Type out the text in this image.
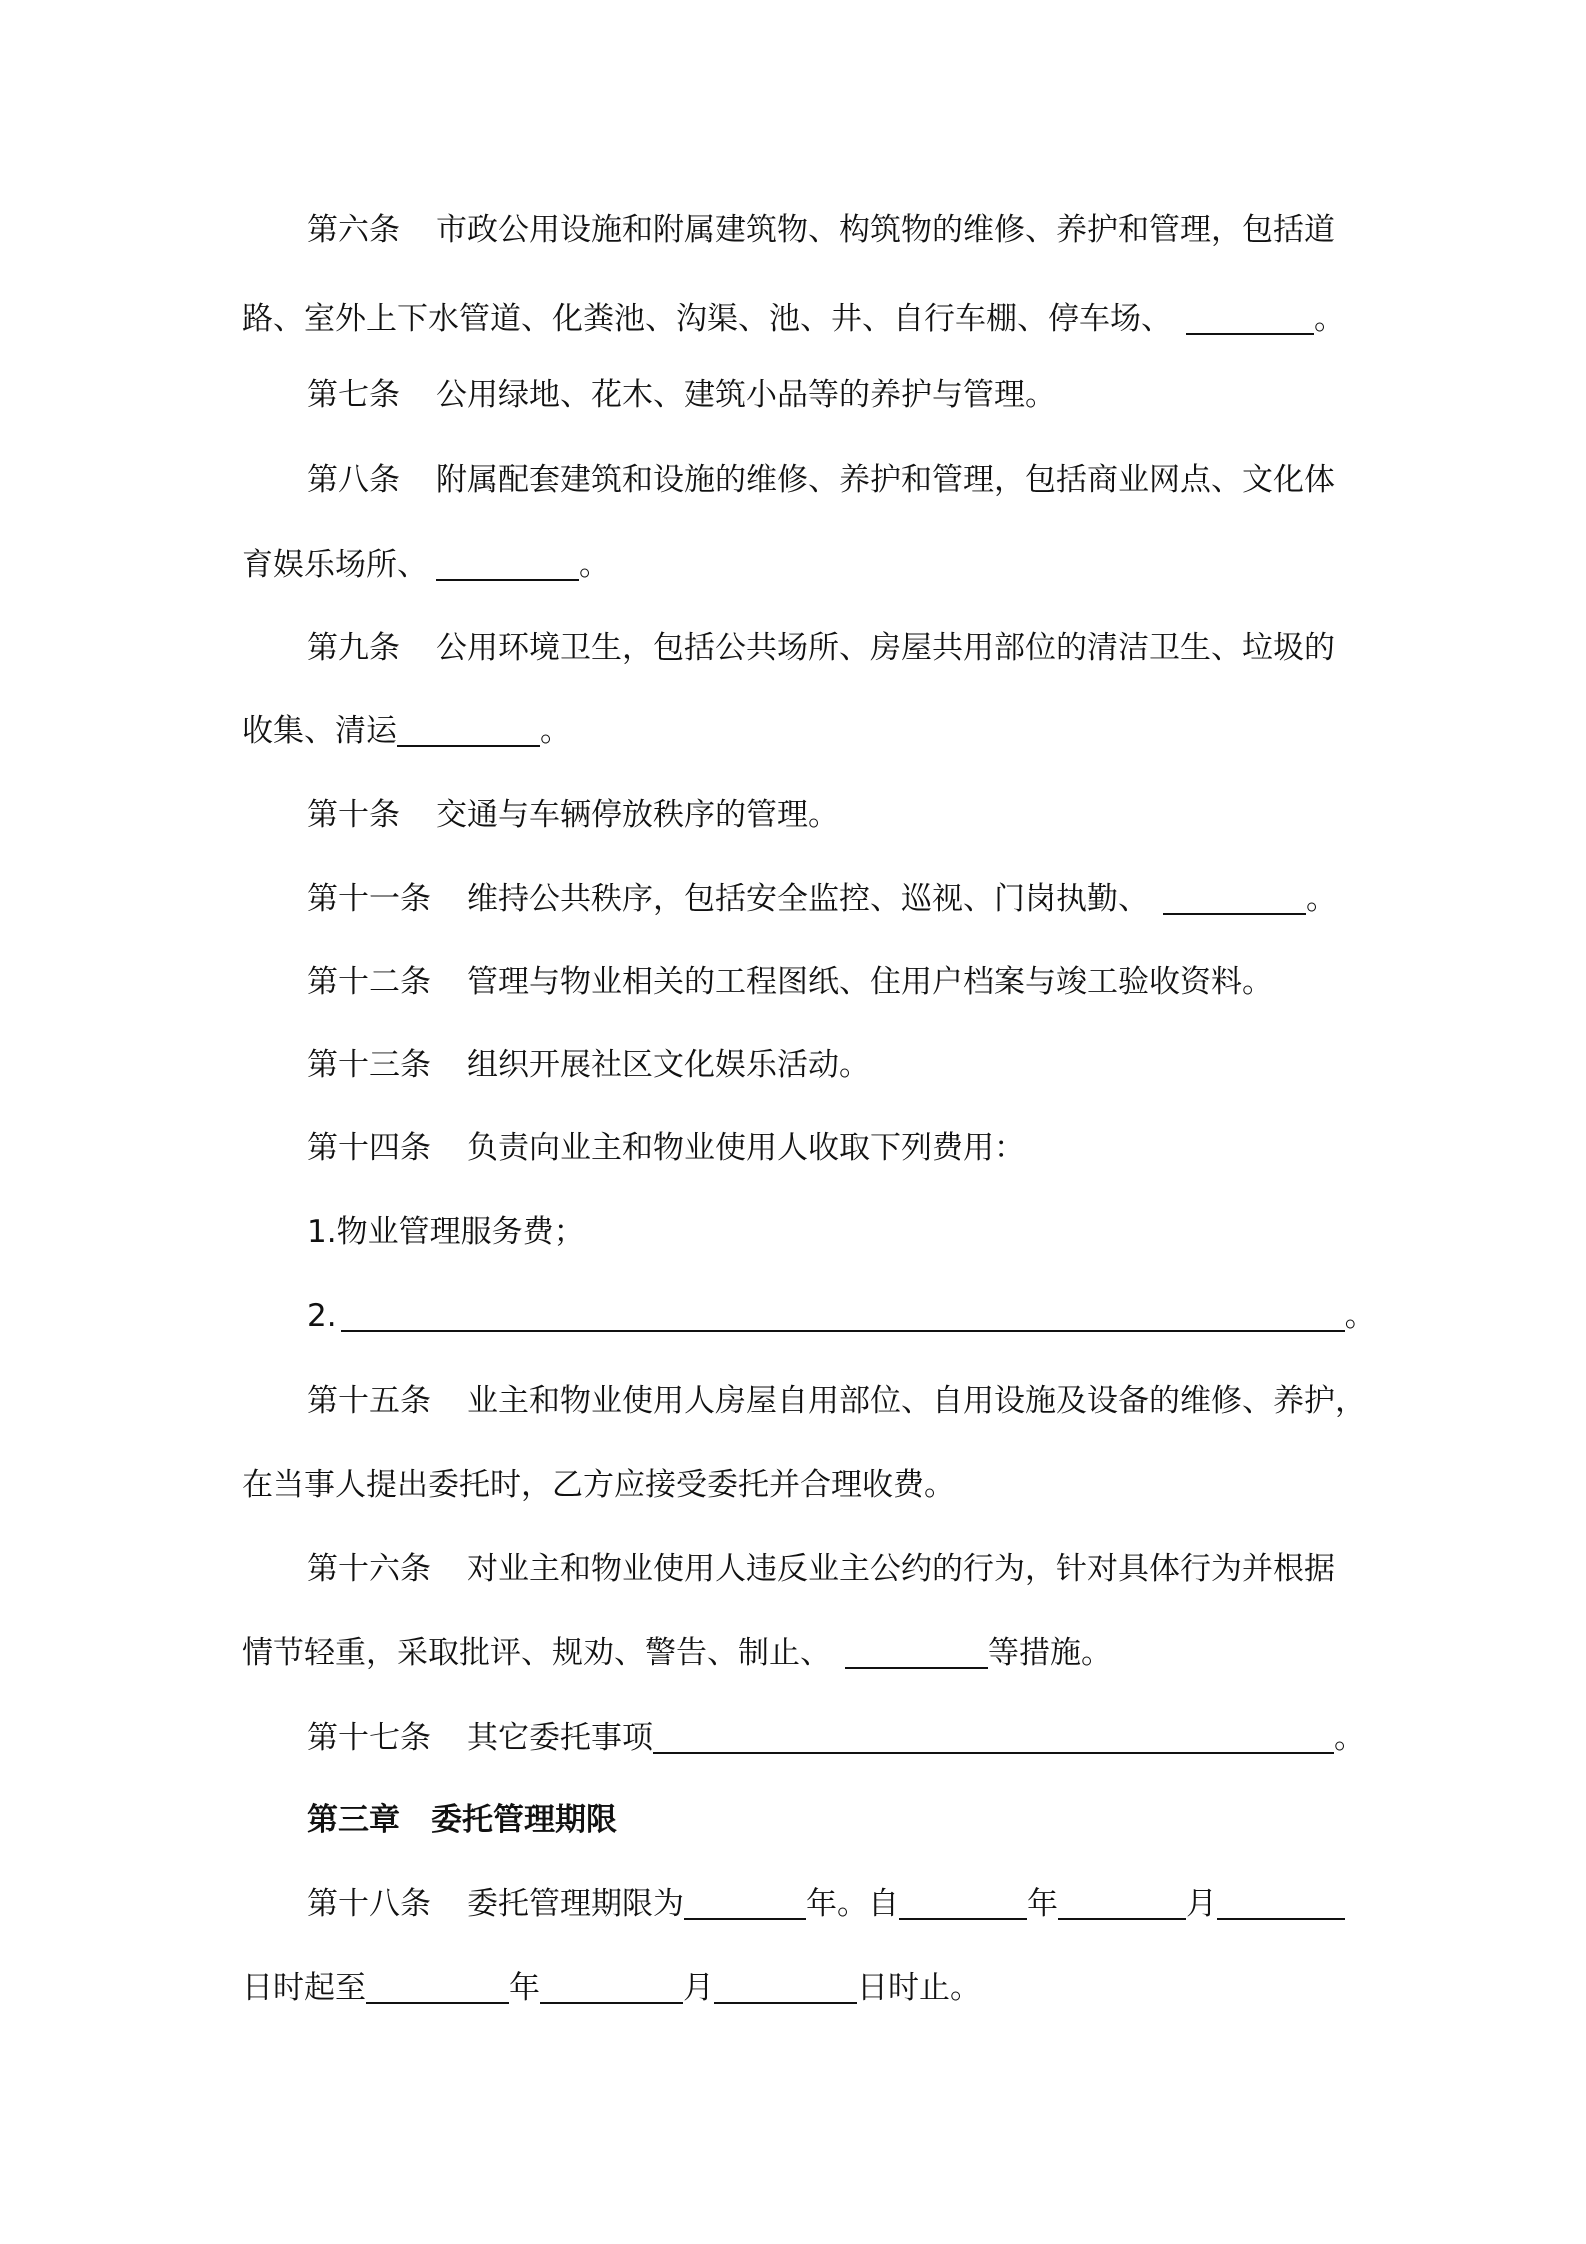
第六条 市政公用设施和附属建筑物、构筑物的维修、养护和管理，包括道
路、室外上下水管道、化粪池、沟渠、池、井、自行车棚、停车场、	。
第七条 公用绿地、花木、建筑小品等的养护与管理。
第八条 附属配套建筑和设施的维修、养护和管理，包括商业网点、文化体
育娱乐场所、	。
第九条 公用环境卫生，包括公共场所、房屋共用部位的清洁卫生、垃圾的
收集、清运	。
第十条 交通与车辆停放秩序的管理。
第十一条 维持公共秩序，包括安全监控、巡视、门岗执勤、	。
第十二条 管理与物业相关的工程图纸、住用户档案与竣工验收资料。
第十三条 组织开展社区文化娱乐活动。
第十四条 负责向业主和物业使用人收取下列费用：
1.物业管理服务费；
2.	。
第十五条 业主和物业使用人房屋自用部位、自用设施及设备的维修、养护，
在当事人提出委托时，乙方应接受委托并合理收费。
第十六条 对业主和物业使用人违反业主公约的行为，针对具体行为并根据
情节轻重，采取批评、规劝、警告、制止、	等措施。
第十七条 其它委托事项	。
第三章　委托管理期限
第十八条 委托管理期限为	年。自	年	月
日时起至	年	月	日时止。
